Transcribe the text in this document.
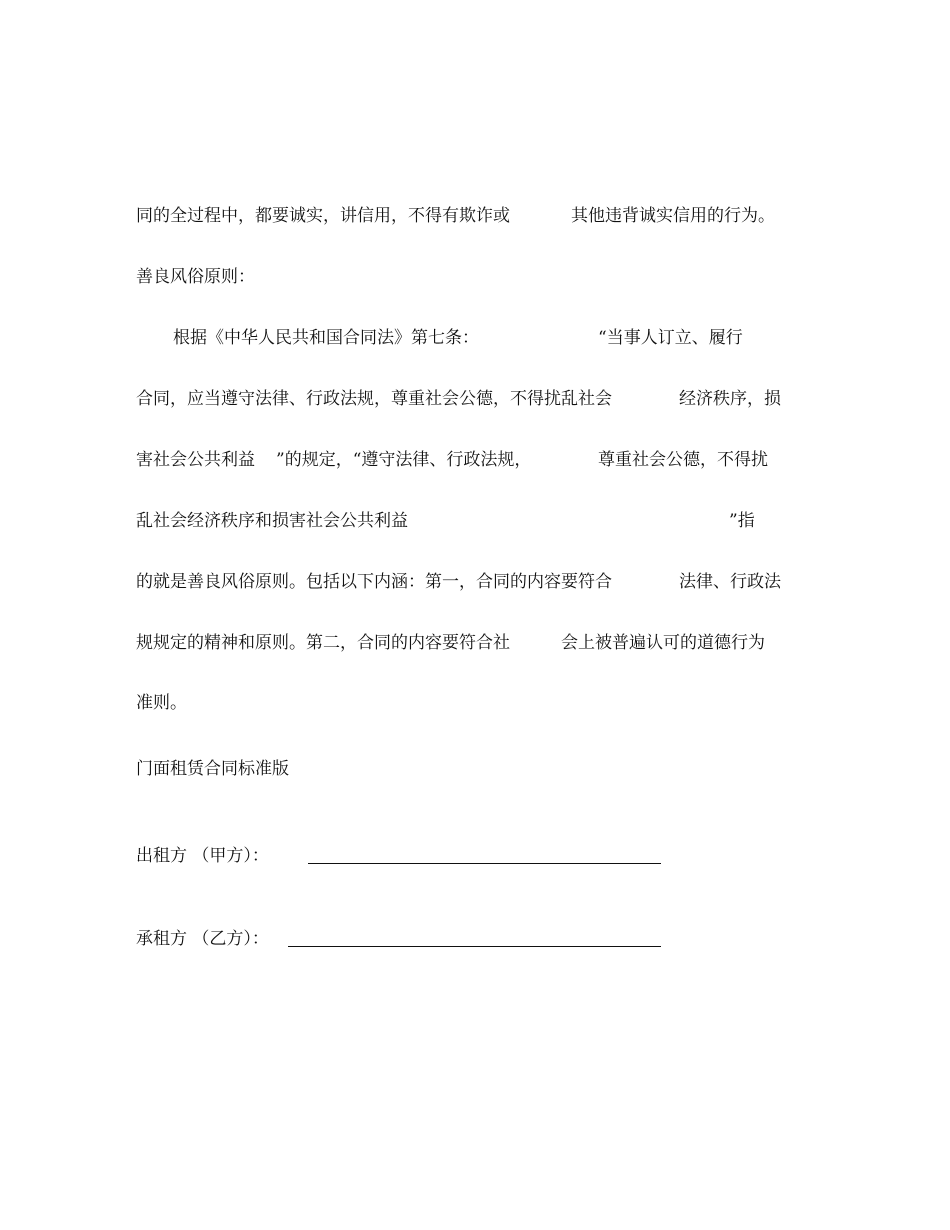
同的全过程中，都要诚实，讲信用，不得有欺诈或

	其他违背诚实信用的行为。

善良风俗原则：

根据《中华人民共和国合同法》第七条：

	“当事人订立、履行

合同，应当遵守法律、行政法规，尊重社会公德，不得扰乱社会

	经济秩序，损

害社会公共利益

”的规定，“遵守法律、行政法规，

	尊重社会公德，不得扰

乱社会经济秩序和损害社会公共利益

	”指

的就是善良风俗原则。包括以下内涵：第一，合同的内容要符合

	法律、行政法

规规定的精神和原则。第二，合同的内容要符合社

	会上被普遍认可的道德行为

准则。

门面租赁合同标准版

出租方 （甲方）：

承租方 （乙方）：
